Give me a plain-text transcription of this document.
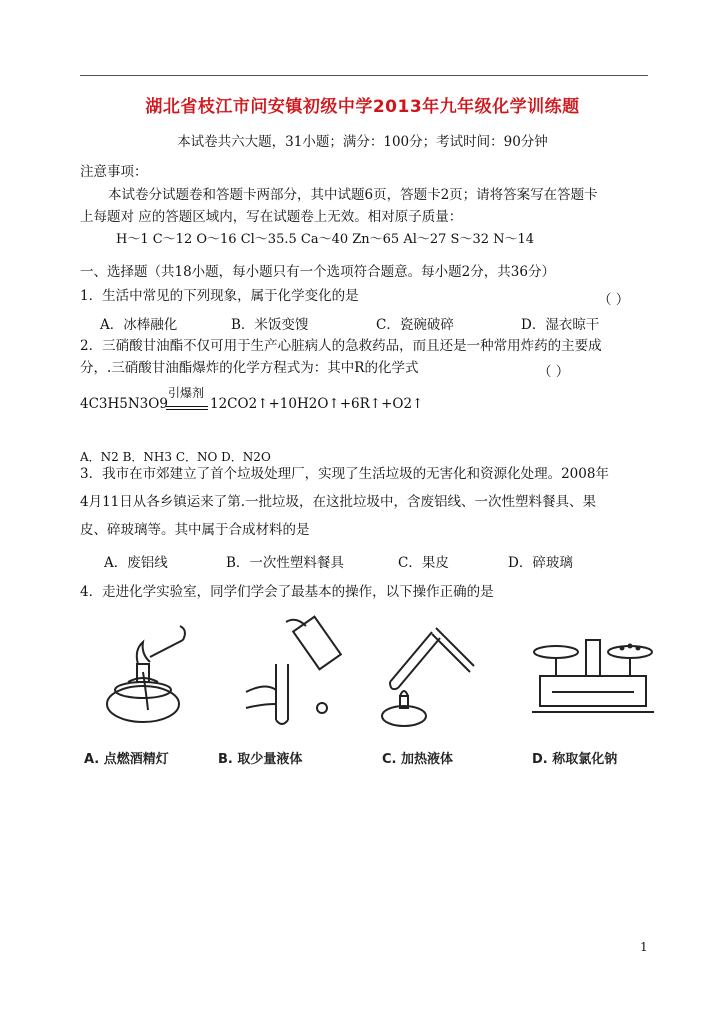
湖北省枝江市问安镇初级中学2013年九年级化学训练题
本试卷共六大题，31小题；满分：100分；考试时间：90分钟
注意事项：
本试卷分试题卷和答题卡两部分，其中试题6页，答题卡2页；请将答案写在答题卡
上每题对 应的答题区域内，写在试题卷上无效。相对原子质量：
H～1 C～12 O～16 Cl～35.5 Ca～40 Zn～65 Al～27 S～32 N～14
一、选择题（共18小题，每小题只有一个选项符合题意。每小题2分，共36分）
1．生活中常见的下列现象，属于化学变化的是	（ ）
A．冰棒融化	B．米饭变馊	C．瓷碗破碎	D．湿衣晾干
2．三硝酸甘油酯不仅可用于生产心脏病人的急救药品，而且还是一种常用炸药的主要成
分，.三硝酸甘油酯爆炸的化学方程式为：其中R的化学式	（ ）
4C3H5N3O9
引爆剂
12CO2↑+10H2O↑+6R↑+O2↑
A．N2 B．NH3 C．NO D．N2O
3．我市在市郊建立了首个垃圾处理厂，实现了生活垃圾的无害化和资源化处理。2008年
4月11日从各乡镇运来了第.一批垃圾，在这批垃圾中，含废铝线、一次性塑料餐具、果
皮、碎玻璃等。其中属于合成材料的是
A．废铝线	B．一次性塑料餐具	C．果皮	D．碎玻璃
4．走进化学实验室，同学们学会了最基本的操作，以下操作正确的是
A. 点燃酒精灯	B. 取少量液体	C. 加热液体	D. 称取氯化钠
1
